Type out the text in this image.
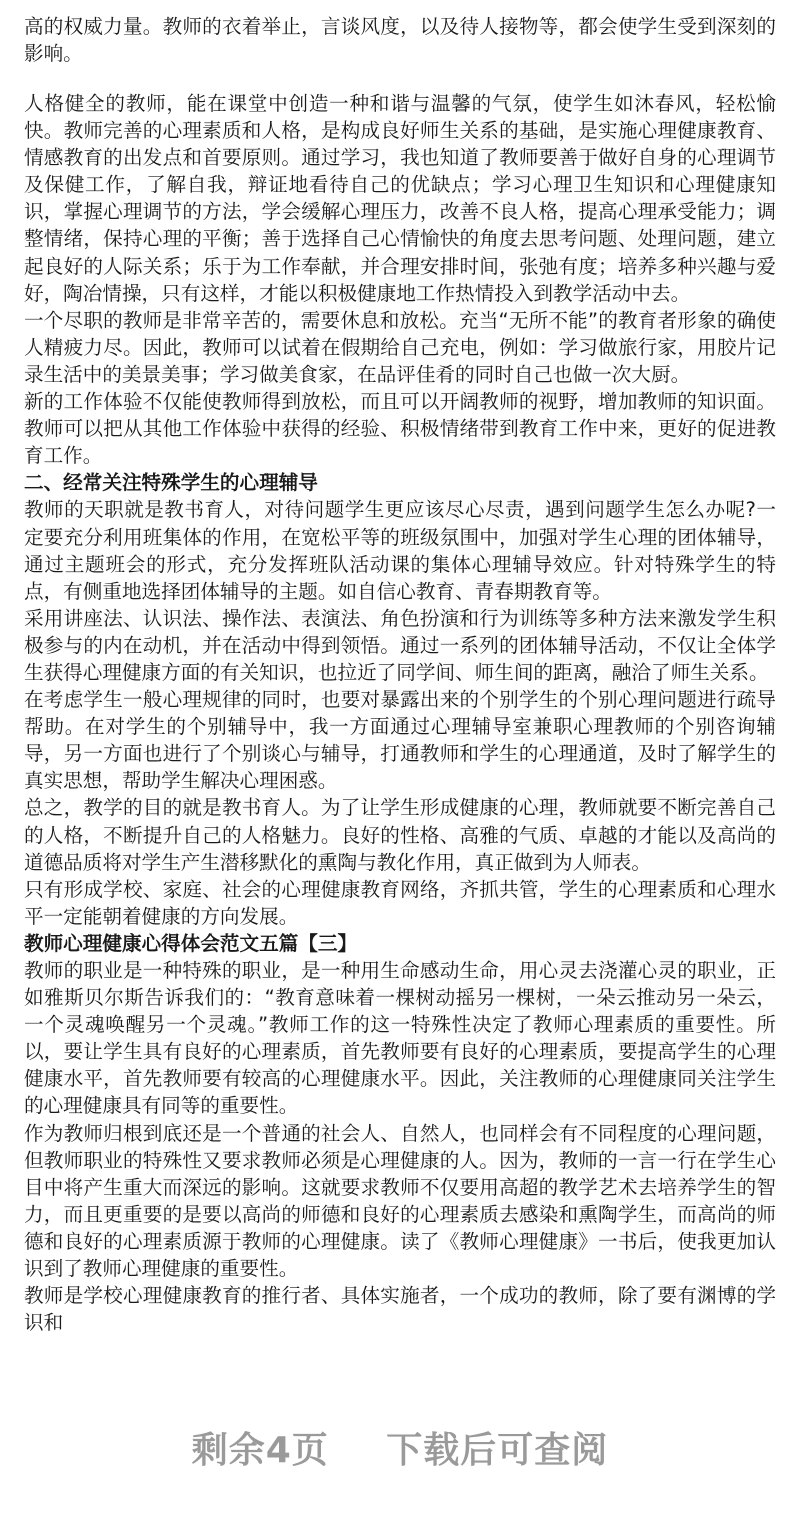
高的权威力量。教师的衣着举止，言谈风度，以及待人接物等，都会使学生受到深刻的影响。

人格健全的教师，能在课堂中创造一种和谐与温馨的气氛，使学生如沐春风，轻松愉快。教师完善的心理素质和人格，是构成良好师生关系的基础，是实施心理健康教育、情感教育的出发点和首要原则。通过学习，我也知道了教师要善于做好自身的心理调节及保健工作，了解自我，辩证地看待自己的优缺点；学习心理卫生知识和心理健康知识，掌握心理调节的方法，学会缓解心理压力，改善不良人格，提高心理承受能力；调整情绪，保持心理的平衡；善于选择自己心情愉快的角度去思考问题、处理问题，建立起良好的人际关系；乐于为工作奉献，并合理安排时间，张弛有度；培养多种兴趣与爱好，陶冶情操，只有这样，才能以积极健康地工作热情投入到教学活动中去。

一个尽职的教师是非常辛苦的，需要休息和放松。充当“无所不能”的教育者形象的确使人精疲力尽。因此，教师可以试着在假期给自己充电，例如：学习做旅行家，用胶片记录生活中的美景美事；学习做美食家，在品评佳肴的同时自己也做一次大厨。

新的工作体验不仅能使教师得到放松，而且可以开阔教师的视野，增加教师的知识面。教师可以把从其他工作体验中获得的经验、积极情绪带到教育工作中来，更好的促进教育工作。

二、经常关注特殊学生的心理辅导

教师的天职就是教书育人，对待问题学生更应该尽心尽责，遇到问题学生怎么办呢?一定要充分利用班集体的作用，在宽松平等的班级氛围中，加强对学生心理的团体辅导，通过主题班会的形式，充分发挥班队活动课的集体心理辅导效应。针对特殊学生的特点，有侧重地选择团体辅导的主题。如自信心教育、青春期教育等。

采用讲座法、认识法、操作法、表演法、角色扮演和行为训练等多种方法来激发学生积极参与的内在动机，并在活动中得到领悟。通过一系列的团体辅导活动，不仅让全体学生获得心理健康方面的有关知识，也拉近了同学间、师生间的距离，融洽了师生关系。

在考虑学生一般心理规律的同时，也要对暴露出来的个别学生的个别心理问题进行疏导帮助。在对学生的个别辅导中，我一方面通过心理辅导室兼职心理教师的个别咨询辅导，另一方面也进行了个别谈心与辅导，打通教师和学生的心理通道，及时了解学生的真实思想，帮助学生解决心理困惑。

总之，教学的目的就是教书育人。为了让学生形成健康的心理，教师就要不断完善自己的人格，不断提升自己的人格魅力。良好的性格、高雅的气质、卓越的才能以及高尚的道德品质将对学生产生潜移默化的熏陶与教化作用，真正做到为人师表。

只有形成学校、家庭、社会的心理健康教育网络，齐抓共管，学生的心理素质和心理水平一定能朝着健康的方向发展。

教师心理健康心得体会范文五篇【三】

教师的职业是一种特殊的职业，是一种用生命感动生命，用心灵去浇灌心灵的职业，正如雅斯贝尔斯告诉我们的：“教育意味着一棵树动摇另一棵树，一朵云推动另一朵云，一个灵魂唤醒另一个灵魂。”教师工作的这一特殊性决定了教师心理素质的重要性。所以，要让学生具有良好的心理素质，首先教师要有良好的心理素质，要提高学生的心理健康水平，首先教师要有较高的心理健康水平。因此，关注教师的心理健康同关注学生的心理健康具有同等的重要性。

作为教师归根到底还是一个普通的社会人、自然人，也同样会有不同程度的心理问题，但教师职业的特殊性又要求教师必须是心理健康的人。因为，教师的一言一行在学生心目中将产生重大而深远的影响。这就要求教师不仅要用高超的教学艺术去培养学生的智力，而且更重要的是要以高尚的师德和良好的心理素质去感染和熏陶学生，而高尚的师德和良好的心理素质源于教师的心理健康。读了《教师心理健康》一书后，使我更加认识到了教师心理健康的重要性。

教师是学校心理健康教育的推行者、具体实施者，一个成功的教师，除了要有渊博的学识和

剩余4页 下载后可查阅
